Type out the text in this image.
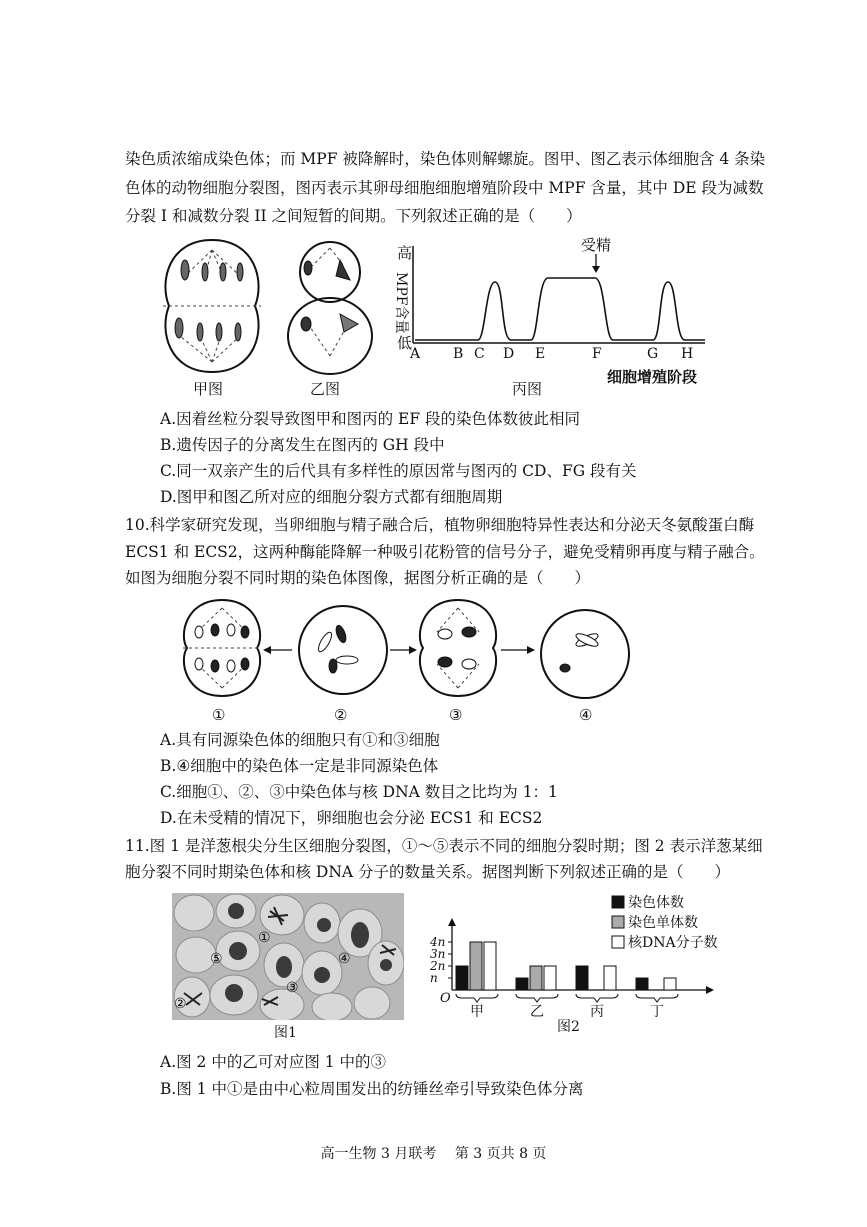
染色质浓缩成染色体；而 MPF 被降解时，染色体则解螺旋。图甲、图乙表示体细胞含 4 条染
色体的动物细胞分裂图，图丙表示其卵母细胞细胞增殖阶段中 MPF 含量，其中 DE 段为减数
分裂 I 和减数分裂 II 之间短暂的间期。下列叙述正确的是（　　）
甲图	乙图
高
低
MPF含量
受精
A B C D E	F	G H
细胞增殖阶段
丙图
A.因着丝粒分裂导致图甲和图丙的 EF 段的染色体数彼此相同
B.遗传因子的分离发生在图丙的 GH 段中
C.同一双亲产生的后代具有多样性的原因常与图丙的 CD、FG 段有关
D.图甲和图乙所对应的细胞分裂方式都有细胞周期
10.科学家研究发现，当卵细胞与精子融合后，植物卵细胞特异性表达和分泌天冬氨酸蛋白酶
ECS1 和 ECS2，这两种酶能降解一种吸引花粉管的信号分子，避免受精卵再度与精子融合。
如图为细胞分裂不同时期的染色体图像，据图分析正确的是（　　）
①	②	③	④
A.具有同源染色体的细胞只有①和③细胞
B.④细胞中的染色体一定是非同源染色体
C.细胞①、②、③中染色体与核 DNA 数目之比均为 1：1
D.在未受精的情况下，卵细胞也会分泌 ECS1 和 ECS2
11.图 1 是洋葱根尖分生区细胞分裂图，①～⑤表示不同的细胞分裂时期；图 2 表示洋葱某细
胞分裂不同时期染色体和核 DNA 分子的数量关系。据图判断下列叙述正确的是（　　）
①
②
③
④
⑤
图1
O
4n
3n
2n
n
甲	乙	丙	丁
染色体数
染色单体数
核DNA分子数
图2
A.图 2 中的乙可对应图 1 中的③
B.图 1 中①是由中心粒周围发出的纺锤丝牵引导致染色体分离
高一生物 3 月联考　 第 3 页共 8 页
